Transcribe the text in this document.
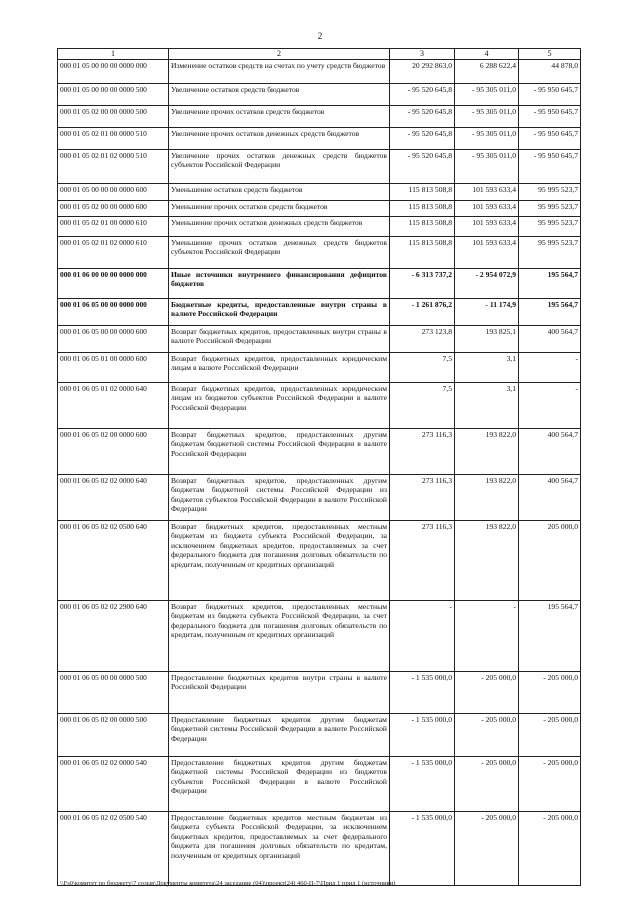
2
1	2	3	4	5
000 01 05 00 00 00 0000 000	Изменение остатков средств на счетах по учету средств бюджетов	20 292 863,0	6 288 622,4	44 878,0
000 01 05 00 00 00 0000 500	Увеличение остатков средств бюджетов	- 95 520 645,8	- 95 305 011,0	- 95 950 645,7
000 01 05 02 00 00 0000 500	Увеличение прочих остатков средств бюджетов	- 95 520 645,8	- 95 305 011,0	- 95 950 645,7
000 01 05 02 01 00 0000 510	Увеличение прочих остатков денежных средств бюджетов	- 95 520 645,8	- 95 305 011,0	- 95 950 645,7
000 01 05 02 01 02 0000 510	Увеличение прочих остатков денежных средств бюджетов субъектов Российской Федерации	- 95 520 645,8	- 95 305 011,0	- 95 950 645,7
000 01 05 00 00 00 0000 600	Уменьшение остатков средств бюджетов	115 813 508,8	101 593 633,4	95 995 523,7
000 01 05 02 00 00 0000 600	Уменьшение прочих остатков средств бюджетов	115 813 508,8	101 593 633,4	95 995 523,7
000 01 05 02 01 00 0000 610	Уменьшение прочих остатков денежных средств бюджетов	115 813 508,8	101 593 633,4	95 995 523,7
000 01 05 02 01 02 0000 610	Уменьшение прочих остатков денежных средств бюджетов субъектов Российской Федерации	115 813 508,8	101 593 633,4	95 995 523,7
000 01 06 00 00 00 0000 000	Иные источники внутреннего финансирования дефицитов бюджетов	- 6 313 737,2	- 2 954 072,9	195 564,7
000 01 06 05 00 00 0000 000	Бюджетные кредиты, предоставленные внутри страны в валюте Российской Федерации	- 1 261 876,2	- 11 174,9	195 564,7
000 01 06 05 00 00 0000 600	Возврат бюджетных кредитов, предоставленных внутри страны в валюте Российской Федерации	273 123,8	193 825,1	400 564,7
000 01 06 05 01 00 0000 600	Возврат бюджетных кредитов, предоставленных юридическим лицам в валюте Российской Федерации	7,5	3,1	-
000 01 06 05 01 02 0000 640	Возврат бюджетных кредитов, предоставленных юридическим лицам из бюджетов субъектов Российской Федерации в валюте Российской Федерации	7,5	3,1	-
000 01 06 05 02 00 0000 600	Возврат бюджетных кредитов, предоставленных другим бюджетам бюджетной системы Российской Федерации в валюте Российской Федерации	273 116,3	193 822,0	400 564,7
000 01 06 05 02 02 0000 640	Возврат бюджетных кредитов, предоставленных другим бюджетам бюджетной системы Российской Федерации из бюджетов субъектов Российской Федерации в валюте Российской Федерации	273 116,3	193 822,0	400 564,7
000 01 06 05 02 02 0500 640	Возврат бюджетных кредитов, предоставленных местным бюджетам из бюджета субъекта Российской Федерации, за исключением бюджетных кредитов, предоставляемых за счет федерального бюджета для погашения долговых обязательств по кредитам, полученным от кредитных организаций	273 116,3	193 822,0	205 000,0
000 01 06 05 02 02 2900 640	Возврат бюджетных кредитов, предоставленных местным бюджетам из бюджета субъекта Российской Федерации, за счет федерального бюджета для погашения долговых обязательств по кредитам, полученным от кредитных организаций	-	-	195 564,7
000 01 06 05 00 00 0000 500	Предоставление бюджетных кредитов внутри страны в валюте Российской Федерации	- 1 535 000,0	- 205 000,0	- 205 000,0
000 01 06 05 02 00 0000 500	Предоставление бюджетных кредитов другим бюджетам бюджетной системы Российской Федерации в валюте Российской Федерации	- 1 535 000,0	- 205 000,0	- 205 000,0
000 01 06 05 02 02 0000 540	Предоставление бюджетных кредитов другим бюджетам бюджетной системы Российской Федерации из бюджетов субъектов Российской Федерации в валюте Российской Федерации	- 1 535 000,0	- 205 000,0	- 205 000,0
000 01 06 05 02 02 0500 540	Предоставление бюджетных кредитов местным бюджетам из бюджета субъекта Российской Федерации, за исключением бюджетных кредитов, предоставляемых за счет федерального бюджета для погашения долговых обязательств по кредитам, полученным от кредитных организаций	- 1 535 000,0	- 205 000,0	- 205 000,0
\\Fs0\комитет по бюджету\7 созыв\Документы комитета\24 заседание (04)\проект(24) 460-П-7\Прил 1 прил 1 (источники)
